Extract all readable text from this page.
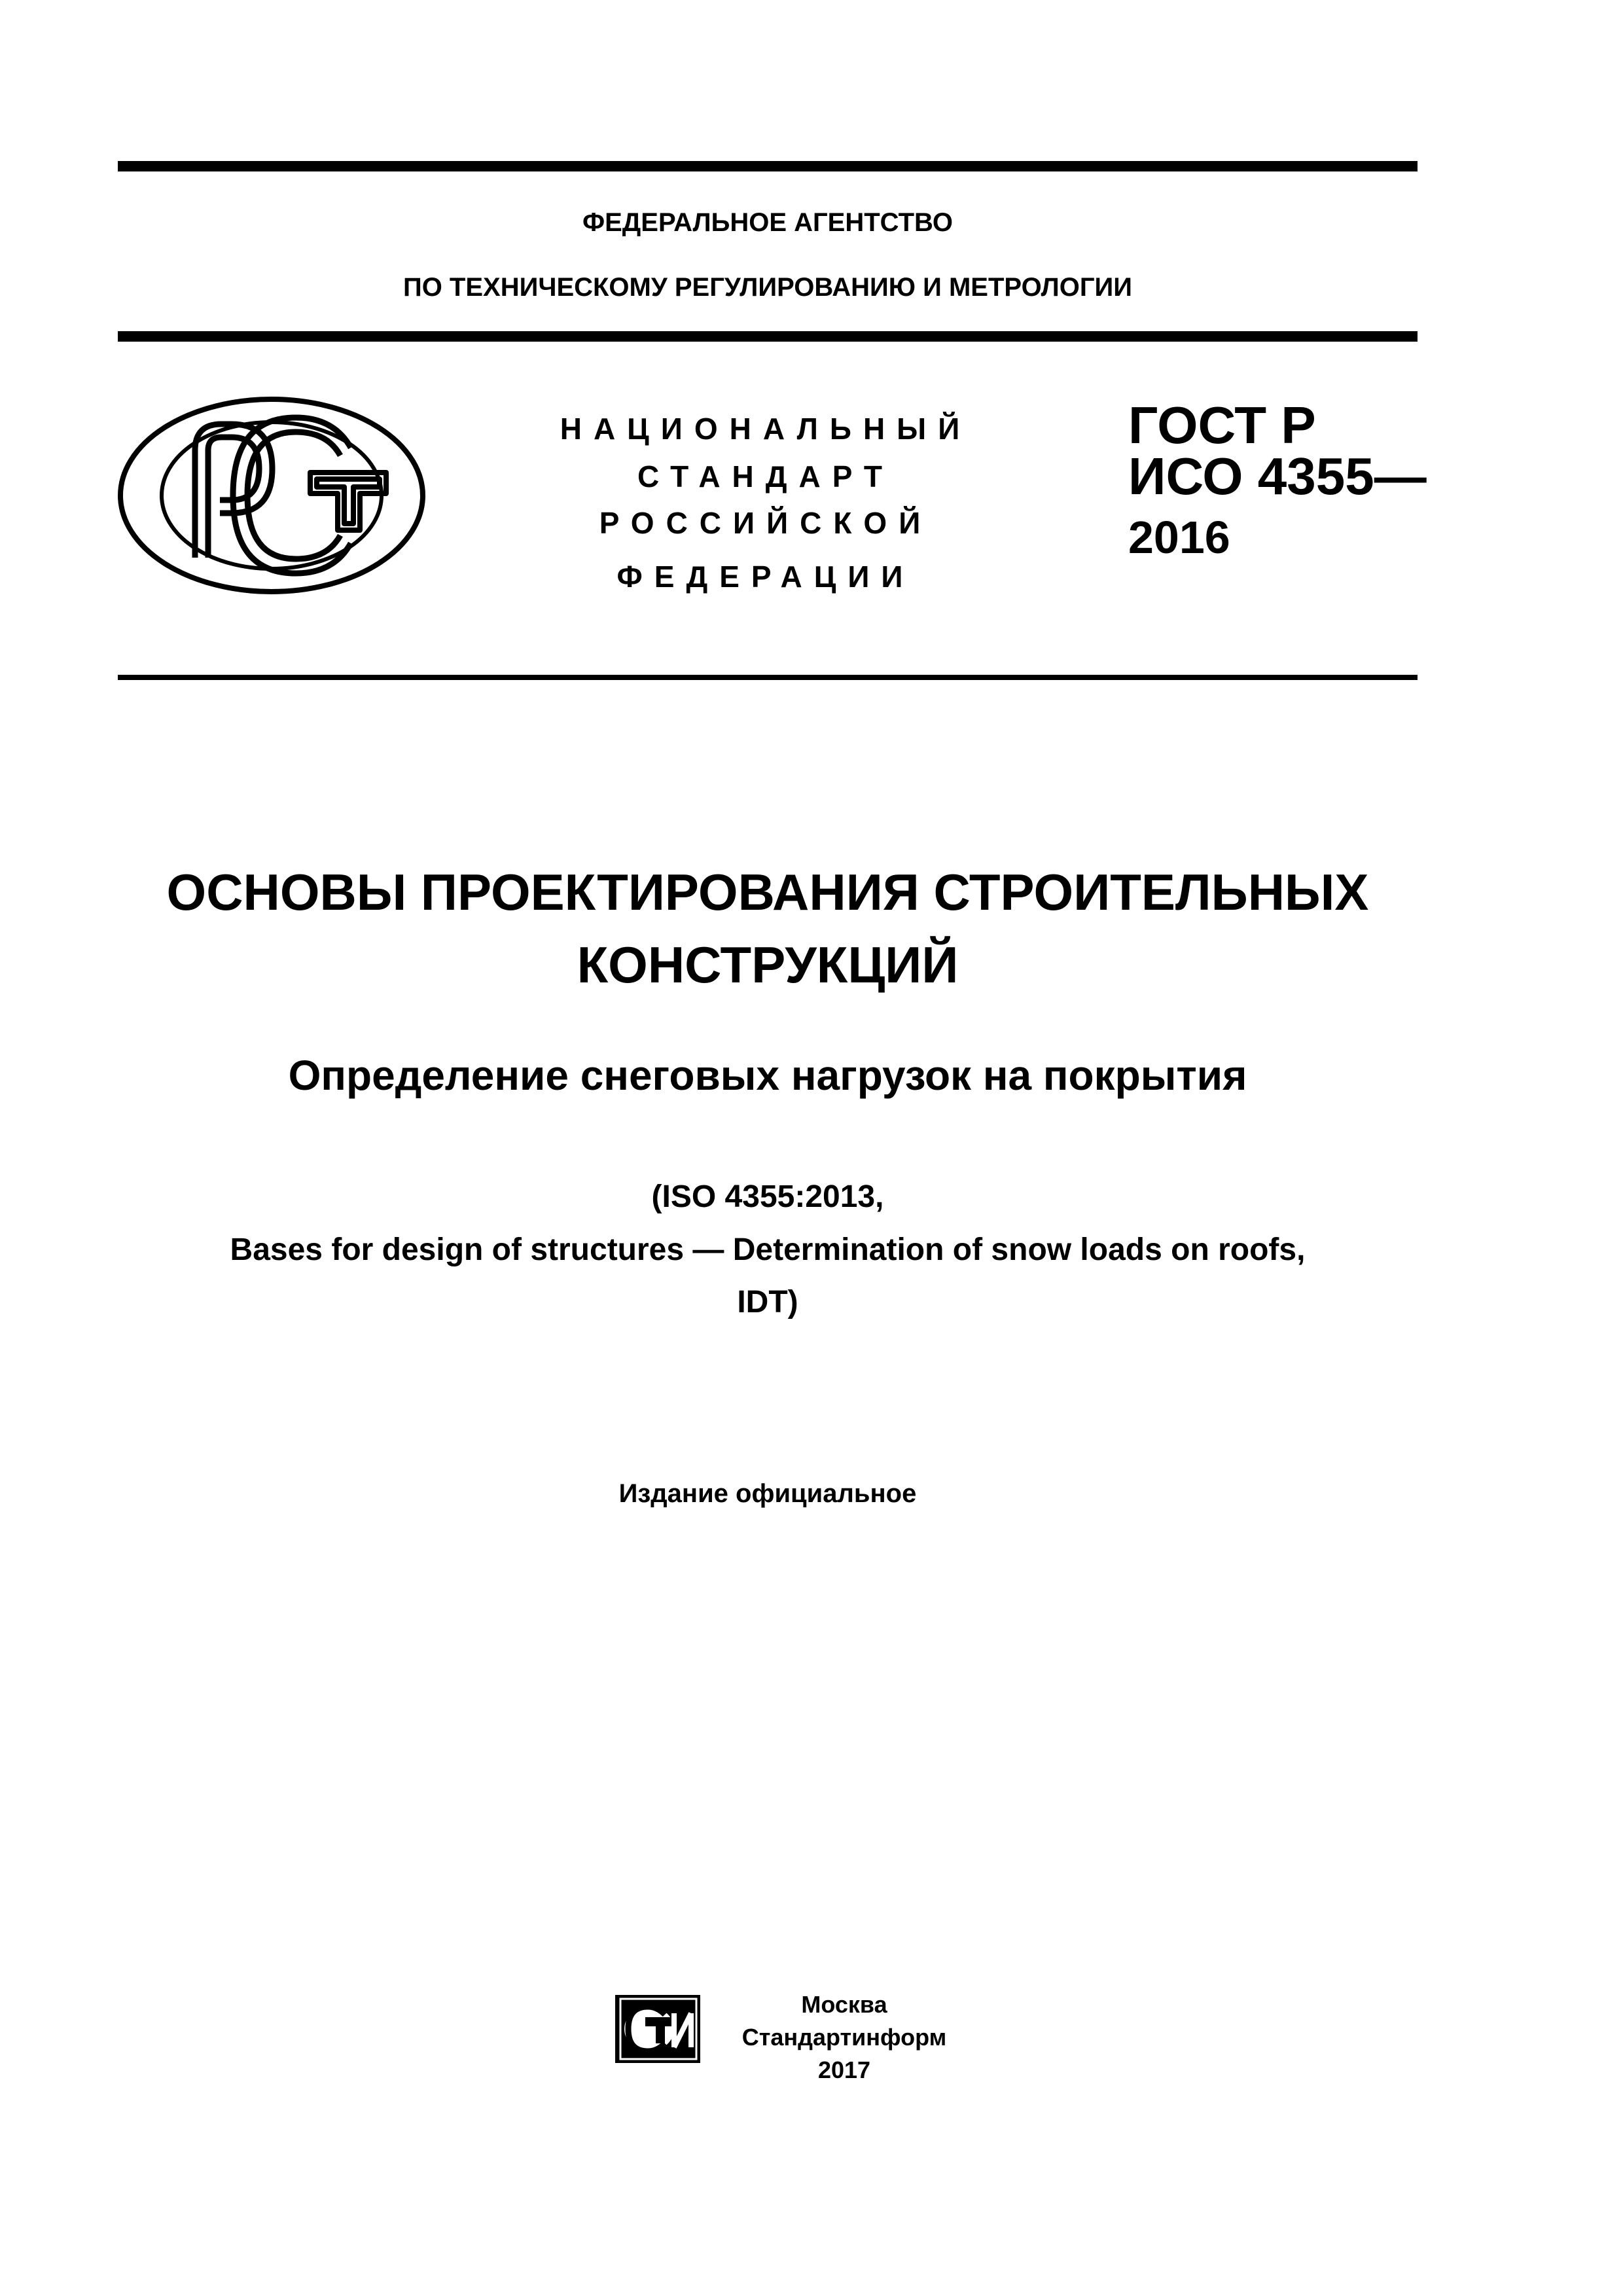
ФЕДЕРАЛЬНОЕ АГЕНТСТВО
ПО ТЕХНИЧЕСКОМУ РЕГУЛИРОВАНИЮ И МЕТРОЛОГИИ
НАЦИОНАЛЬНЫЙ
СТАНДАРТ
РОССИЙСКОЙ
ФЕДЕРАЦИИ
ГОСТ Р
ИСО 4355—
2016
ОСНОВЫ ПРОЕКТИРОВАНИЯ СТРОИТЕЛЬНЫХ
КОНСТРУКЦИЙ
Определение снеговых нагрузок на покрытия
(ISO 4355:2013,
Bases for design of structures — Determination of snow loads on roofs,
IDT)
Издание официальное
Москва
Стандартинформ
2017
